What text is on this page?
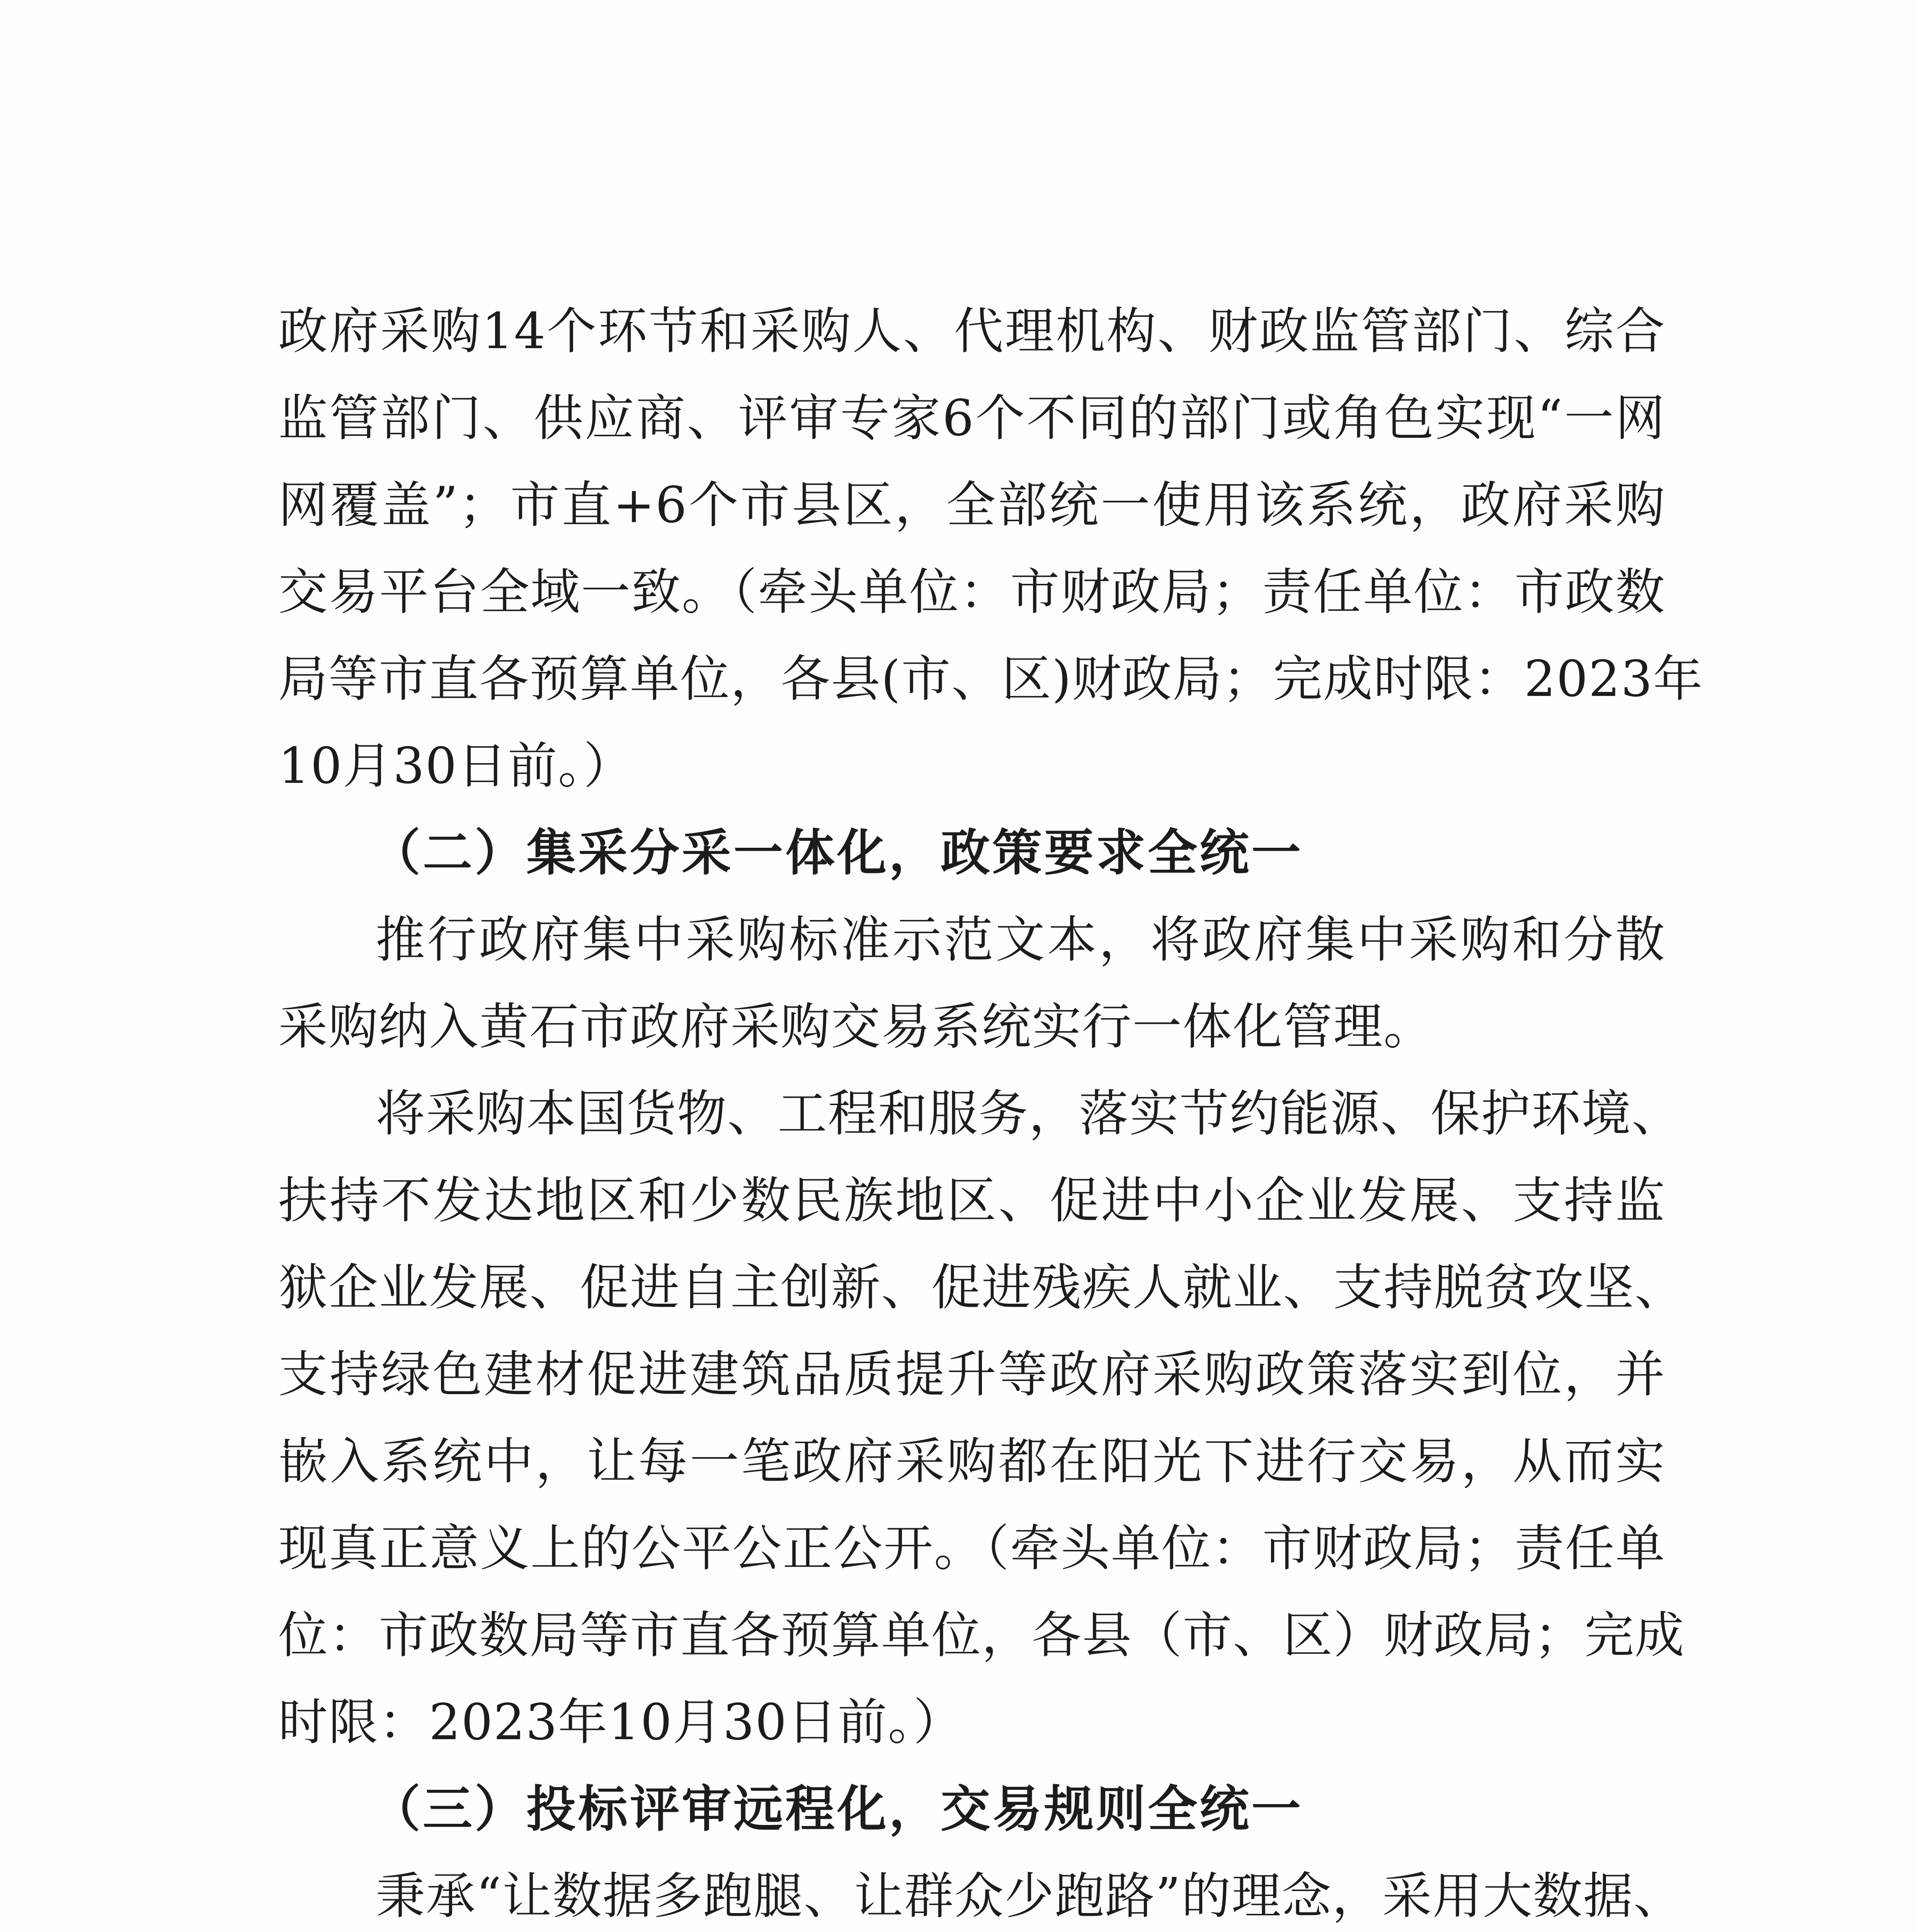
政府采购14个环节和采购人、代理机构、财政监管部门、综合
监管部门、供应商、评审专家6个不同的部门或角色实现“一网
网覆盖”；市直+6个市县区，全部统一使用该系统，政府采购
交易平台全域一致。（牵头单位：市财政局；责任单位：市政数
局等市直各预算单位，各县(市、区)财政局；完成时限：2023年
10月30日前。）
（二）集采分采一体化，政策要求全统一
推行政府集中采购标准示范文本，将政府集中采购和分散
采购纳入黄石市政府采购交易系统实行一体化管理。
将采购本国货物、工程和服务，落实节约能源、保护环境、
扶持不发达地区和少数民族地区、促进中小企业发展、支持监
狱企业发展、促进自主创新、促进残疾人就业、支持脱贫攻坚、
支持绿色建材促进建筑品质提升等政府采购政策落实到位，并
嵌入系统中，让每一笔政府采购都在阳光下进行交易，从而实
现真正意义上的公平公正公开。（牵头单位：市财政局；责任单
位：市政数局等市直各预算单位，各县（市、区）财政局；完成
时限：2023年10月30日前。）
（三）投标评审远程化，交易规则全统一
秉承“让数据多跑腿、让群众少跑路”的理念，采用大数据、
